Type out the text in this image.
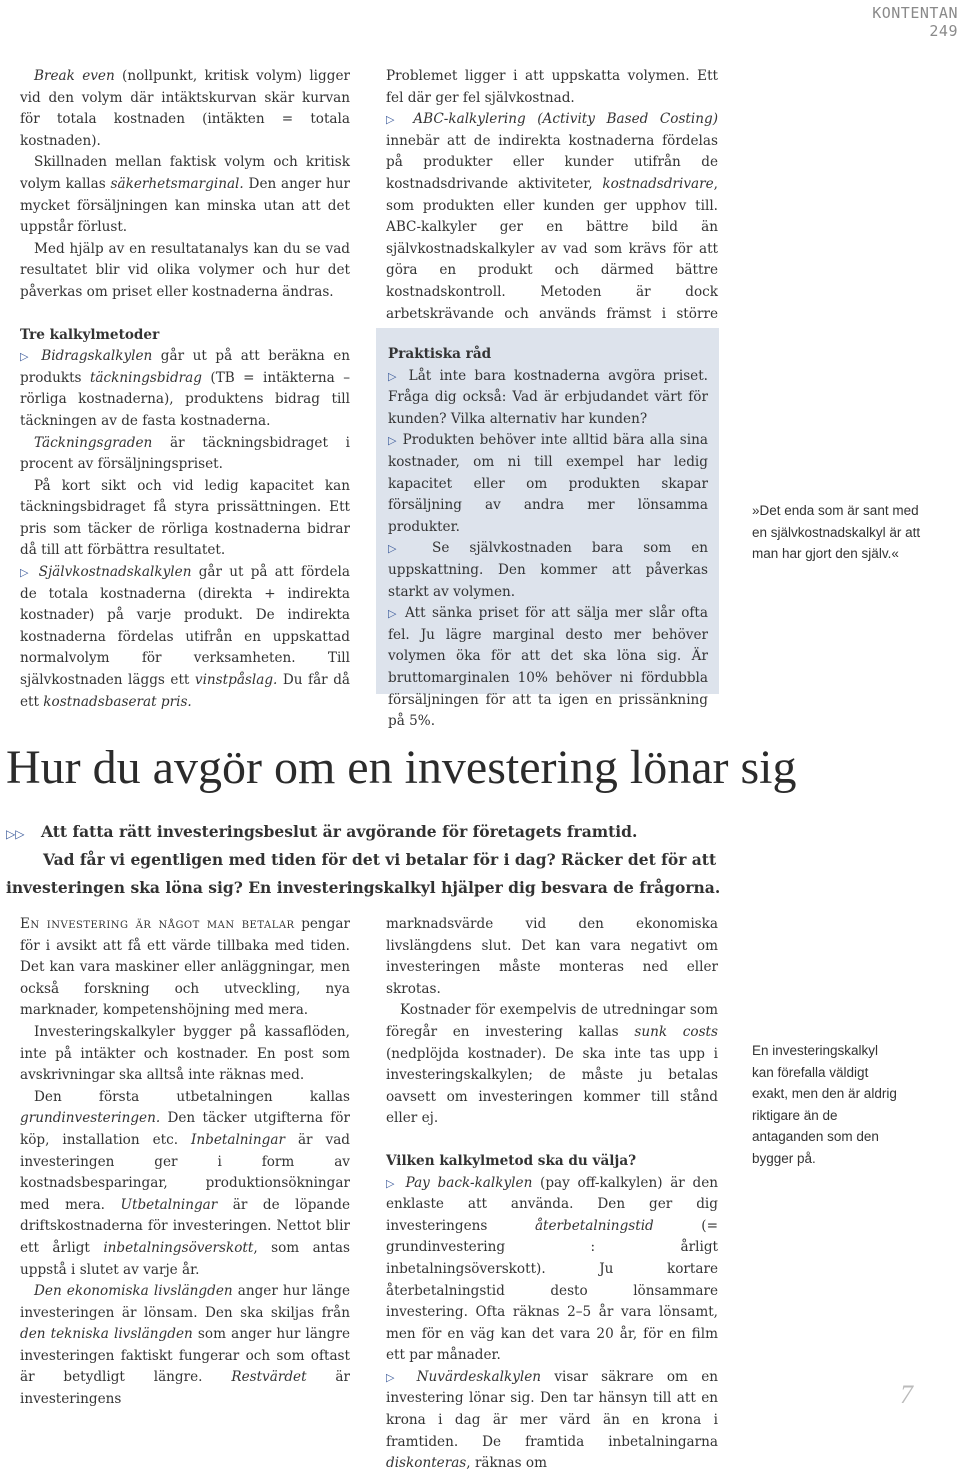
KONTENTAN 249

Break even (nollpunkt, kritisk volym) ligger vid den volym där intäktskurvan skär kurvan för totala kostnaden (intäkten = totala kostnaden).

Skillnaden mellan faktisk volym och kritisk volym kallas säkerhetsmarginal. Den anger hur mycket försäljningen kan minska utan att det uppstår förlust.

Med hjälp av en resultatanalys kan du se vad resultatet blir vid olika volymer och hur det påverkas om priset eller kostnaderna ändras.

Tre kalkylmetoder

▷ Bidragskalkylen går ut på att beräkna en produkts täckningsbidrag (TB = intäkterna – rörliga kostnaderna), produktens bidrag till täckningen av de fasta kostnaderna.

Täckningsgraden är täckningsbidraget i procent av försäljningspriset.

På kort sikt och vid ledig kapacitet kan täckningsbidraget få styra prissättningen. Ett pris som täcker de rörliga kostnaderna bidrar då till att förbättra resultatet.

▷ Självkostnadskalkylen går ut på att fördela de totala kostnaderna (direkta + indirekta kostnader) på varje produkt. De indirekta kostnaderna fördelas utifrån en uppskattad normalvolym för verksamheten. Till självkostnaden läggs ett vinstpåslag. Du får då ett kostnadsbaserat pris.

Problemet ligger i att uppskatta volymen. Ett fel där ger fel självkostnad.

▷ ABC-kalkylering (Activity Based Costing) innebär att de indirekta kostnaderna fördelas på produkter eller kunder utifrån de kostnadsdrivande aktiviteter, kostnadsdrivare, som produkten eller kunden ger upphov till. ABC-kalkyler ger en bättre bild än självkostnadskalkyler av vad som krävs för att göra en produkt och därmed bättre kostnadskontroll. Metoden är dock arbetskrävande och används främst i större

Praktiska råd

▷ Låt inte bara kostnaderna avgöra priset. Fråga dig också: Vad är erbjudandet värt för kunden? Vilka alternativ har kunden?

▷ Produkten behöver inte alltid bära alla sina kostnader, om ni till exempel har ledig kapacitet eller om produkten skapar försäljning av andra mer lönsamma produkter.

▷ Se självkostnaden bara som en uppskattning. Den kommer att påverkas starkt av volymen.

▷ Att sänka priset för att sälja mer slår ofta fel. Ju lägre marginal desto mer behöver volymen öka för att det ska löna sig. Är bruttomarginalen 10% behöver ni fördubbla försäljningen för att ta igen en prissänkning på 5%.

»Det enda som är sant med en självkostnadskalkyl är att man har gjort den själv.«
Hur du avgör om en investering lönar sig
▷▷ Att fatta rätt investeringsbeslut är avgörande för företagets framtid.
Vad får vi egentligen med tiden för det vi betalar för i dag? Räcker det för att
investeringen ska löna sig? En investeringskalkyl hjälper dig besvara de frågorna.

En investering är något man betalar pengar för i avsikt att få ett värde tillbaka med tiden. Det kan vara maskiner eller anläggningar, men också forskning och utveckling, nya marknader, kompetenshöjning med mera.

Investeringskalkyler bygger på kassaflöden, inte på intäkter och kostnader. En post som avskrivningar ska alltså inte räknas med.

Den första utbetalningen kallas grundinvesteringen. Den täcker utgifterna för köp, installation etc. Inbetalningar är vad investeringen ger i form av kostnadsbesparingar, produktionsökningar med mera. Utbetalningar är de löpande driftskostnaderna för investeringen. Nettot blir ett årligt inbetalningsöverskott, som antas uppstå i slutet av varje år.

Den ekonomiska livslängden anger hur länge investeringen är lönsam. Den ska skiljas från den tekniska livslängden som anger hur längre investeringen faktiskt fungerar och som oftast är betydligt längre. Restvärdet är investeringens

marknadsvärde vid den ekonomiska livslängdens slut. Det kan vara negativt om investeringen måste monteras ned eller skrotas.

Kostnader för exempelvis de utredningar som föregår en investering kallas sunk costs (nedplöjda kostnader). De ska inte tas upp i investeringskalkylen; de måste ju betalas oavsett om investeringen kommer till stånd eller ej.

Vilken kalkylmetod ska du välja?

▷ Pay back-kalkylen (pay off-kalkylen) är den enklaste att använda. Den ger dig investeringens återbetalningstid (= grundinvestering : årligt inbetalningsöverskott). Ju kortare återbetalningstid desto lönsammare investering. Ofta räknas 2–5 år vara lönsamt, men för en väg kan det vara 20 år, för en film ett par månader.

▷ Nuvärdeskalkylen visar säkrare om en investering lönar sig. Den tar hänsyn till att en krona i dag är mer värd än en krona i framtiden. De framtida inbetalningarna diskonteras, räknas om

En investeringskalkyl kan förefalla väldigt exakt, men den är aldrig riktigare än de antaganden som den bygger på.
7
